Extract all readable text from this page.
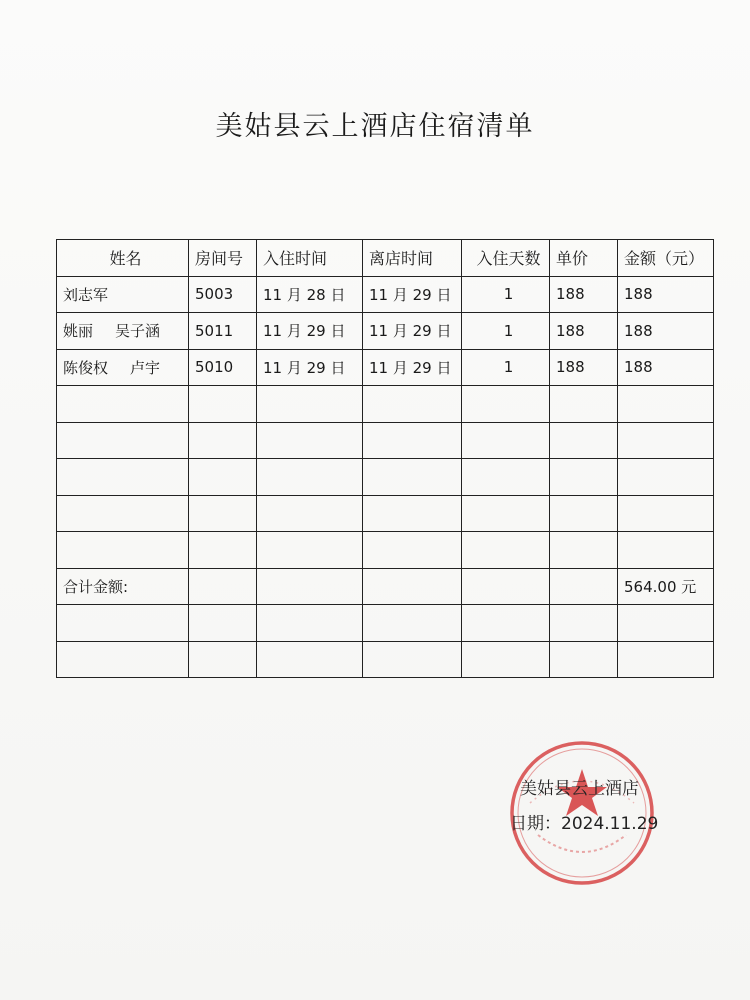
美姑县云上酒店住宿清单
姓名	房间号	入住时间	离店时间	入住天数	单价	金额（元）
刘志军	5003	11 月 28 日	11 月 29 日	1	188	188
姚丽 吴子涵	5011	11 月 29 日	11 月 29 日	1	188	188
陈俊权 卢宇	5010	11 月 29 日	11 月 29 日	1	188	188

合计金额:						564.00 元

美姑县云上酒店
日期：2024.11.29
